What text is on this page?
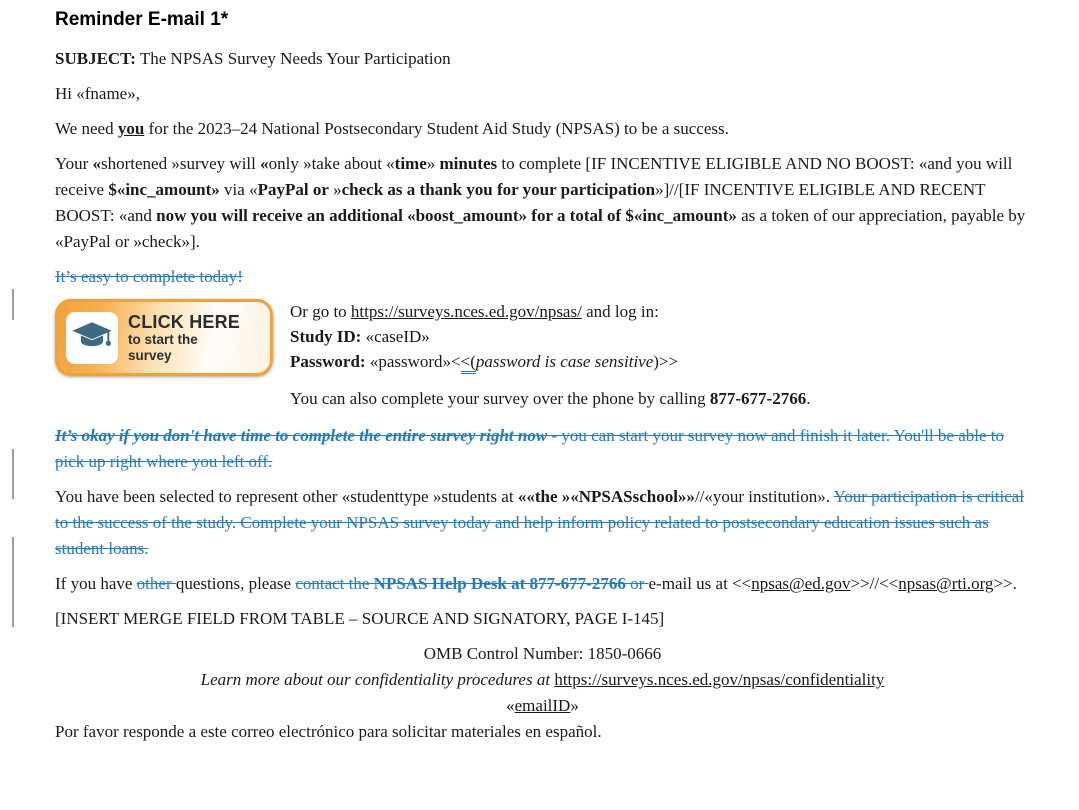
Reminder E-mail 1*

SUBJECT: The NPSAS Survey Needs Your Participation

Hi «fname»,

We need you for the 2023–24 National Postsecondary Student Aid Study (NPSAS) to be a success.

Your «shortened »survey will «only »take about «time» minutes to complete [IF INCENTIVE ELIGIBLE AND NO BOOST: «and you will receive $«inc_amount» via «PayPal or »check as a thank you for your participation»]//[IF INCENTIVE ELIGIBLE AND RECENT BOOST: «and now you will receive an additional «boost_amount» for a total of $«inc_amount» as a token of our appreciation, payable by «PayPal or »check»].

It’s easy to complete today!

CLICK HERE
to start the
survey
Or go to https://surveys.nces.ed.gov/npsas/ and log in:
Study ID: «caseID»
Password: «password»<<(password is case sensitive)>>
You can also complete your survey over the phone by calling 877-677-2766.

It’s okay if you don't have time to complete the entire survey right now - you can start your survey now and finish it later. You'll be able to pick up right where you left off.

You have been selected to represent other «studenttype »students at ««the »«NPSASschool»»//«your institution». Your participation is critical to the success of the study. Complete your NPSAS survey today and help inform policy related to postsecondary education issues such as student loans.

If you have other questions, please contact the NPSAS Help Desk at 877-677-2766 or e-mail us at <<npsas@ed.gov>>//<<npsas@rti.org>>.

[INSERT MERGE FIELD FROM TABLE – SOURCE AND SIGNATORY, PAGE I-145]

OMB Control Number: 1850-0666
Learn more about our confidentiality procedures at https://surveys.nces.ed.gov/npsas/confidentiality
«emailID»
Por favor responde a este correo electrónico para solicitar materiales en español.
